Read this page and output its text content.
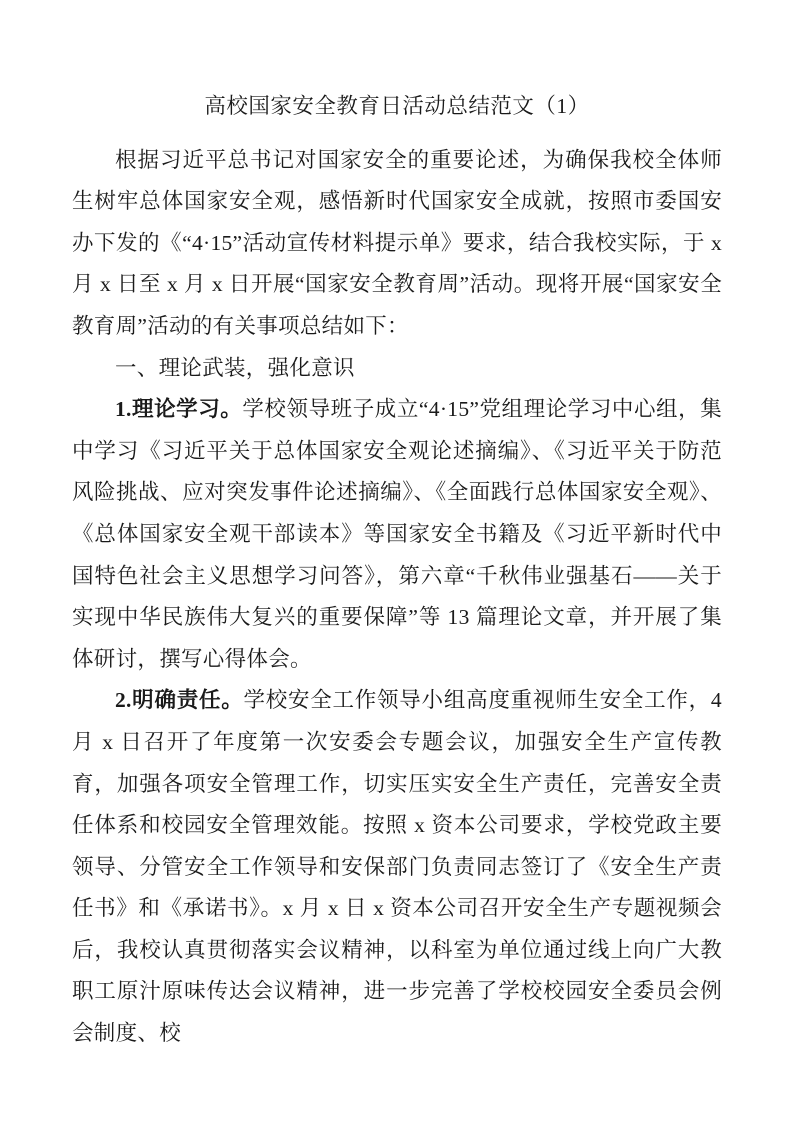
高校国家安全教育日活动总结范文（1）

根据习近平总书记对国家安全的重要论述，为确保我校全体师生树牢总体国家安全观，感悟新时代国家安全成就，按照市委国安办下发的《“4·15”活动宣传材料提示单》要求，结合我校实际，于 x 月 x 日至 x 月 x 日开展“国家安全教育周”活动。现将开展“国家安全教育周”活动的有关事项总结如下：

一、理论武装，强化意识

1.理论学习。学校领导班子成立“4·15”党组理论学习中心组，集中学习《习近平关于总体国家安全观论述摘编》、《习近平关于防范风险挑战、应对突发事件论述摘编》、《全面践行总体国家安全观》、《总体国家安全观干部读本》等国家安全书籍及《习近平新时代中国特色社会主义思想学习问答》，第六章“千秋伟业强基石——关于实现中华民族伟大复兴的重要保障”等 13 篇理论文章，并开展了集体研讨，撰写心得体会。

2.明确责任。学校安全工作领导小组高度重视师生安全工作，4 月 x 日召开了年度第一次安委会专题会议，加强安全生产宣传教育，加强各项安全管理工作，切实压实安全生产责任，完善安全责任体系和校园安全管理效能。按照 x 资本公司要求，学校党政主要领导、分管安全工作领导和安保部门负责同志签订了《安全生产责任书》和《承诺书》。x 月 x 日 x 资本公司召开安全生产专题视频会后，我校认真贯彻落实会议精神，以科室为单位通过线上向广大教职工原汁原味传达会议精神，进一步完善了学校校园安全委员会例会制度、校
